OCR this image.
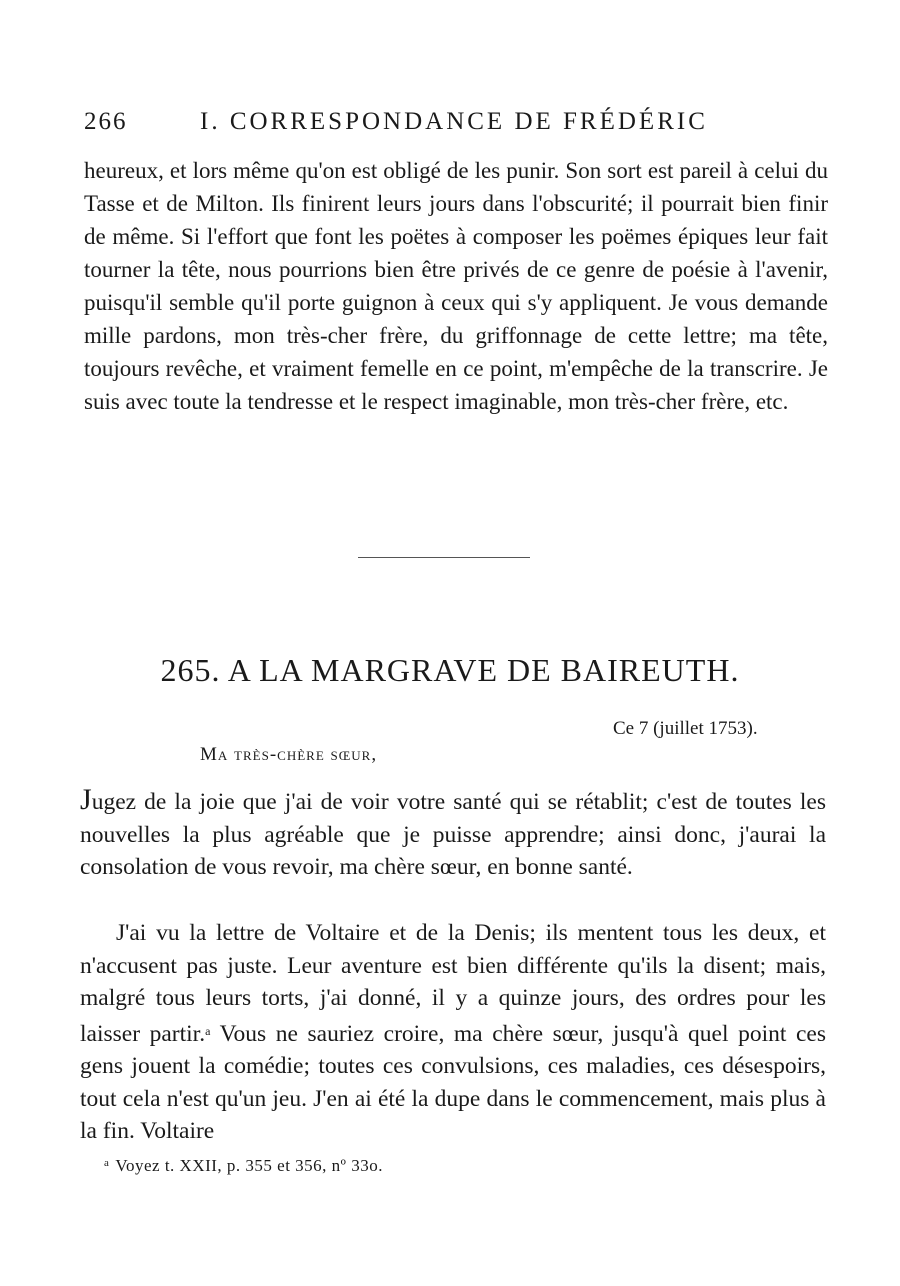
266	I. CORRESPONDANCE DE FRÉDÉRIC

heureux, et lors même qu'on est obligé de les punir. Son sort est pareil à celui du Tasse et de Milton. Ils finirent leurs jours dans l'obscurité; il pourrait bien finir de même. Si l'effort que font les poëtes à composer les poëmes épiques leur fait tourner la tête, nous pourrions bien être privés de ce genre de poésie à l'avenir, puisqu'il semble qu'il porte guignon à ceux qui s'y appliquent. Je vous demande mille pardons, mon très-cher frère, du griffonnage de cette lettre; ma tête, toujours revêche, et vraiment femelle en ce point, m'empêche de la transcrire. Je suis avec toute la tendresse et le respect imaginable, mon très-cher frère, etc.

265. A LA MARGRAVE DE BAIREUTH.
Ce 7 (juillet 1753).
Ma très-chère sœur,

Jugez de la joie que j'ai de voir votre santé qui se rétablit; c'est de toutes les nouvelles la plus agréable que je puisse apprendre; ainsi donc, j'aurai la consolation de vous revoir, ma chère sœur, en bonne santé.

J'ai vu la lettre de Voltaire et de la Denis; ils mentent tous les deux, et n'accusent pas juste. Leur aventure est bien différente qu'ils la disent; mais, malgré tous leurs torts, j'ai donné, il y a quinze jours, des ordres pour les laisser partir.$^a$ Vous ne sauriez croire, ma chère sœur, jusqu'à quel point ces gens jouent la comédie; toutes ces convulsions, ces maladies, ces désespoirs, tout cela n'est qu'un jeu. J'en ai été la dupe dans le commencement, mais plus à la fin. Voltaire

$^a$ Voyez t. XXII, p. 355 et 356, nº 33o.
